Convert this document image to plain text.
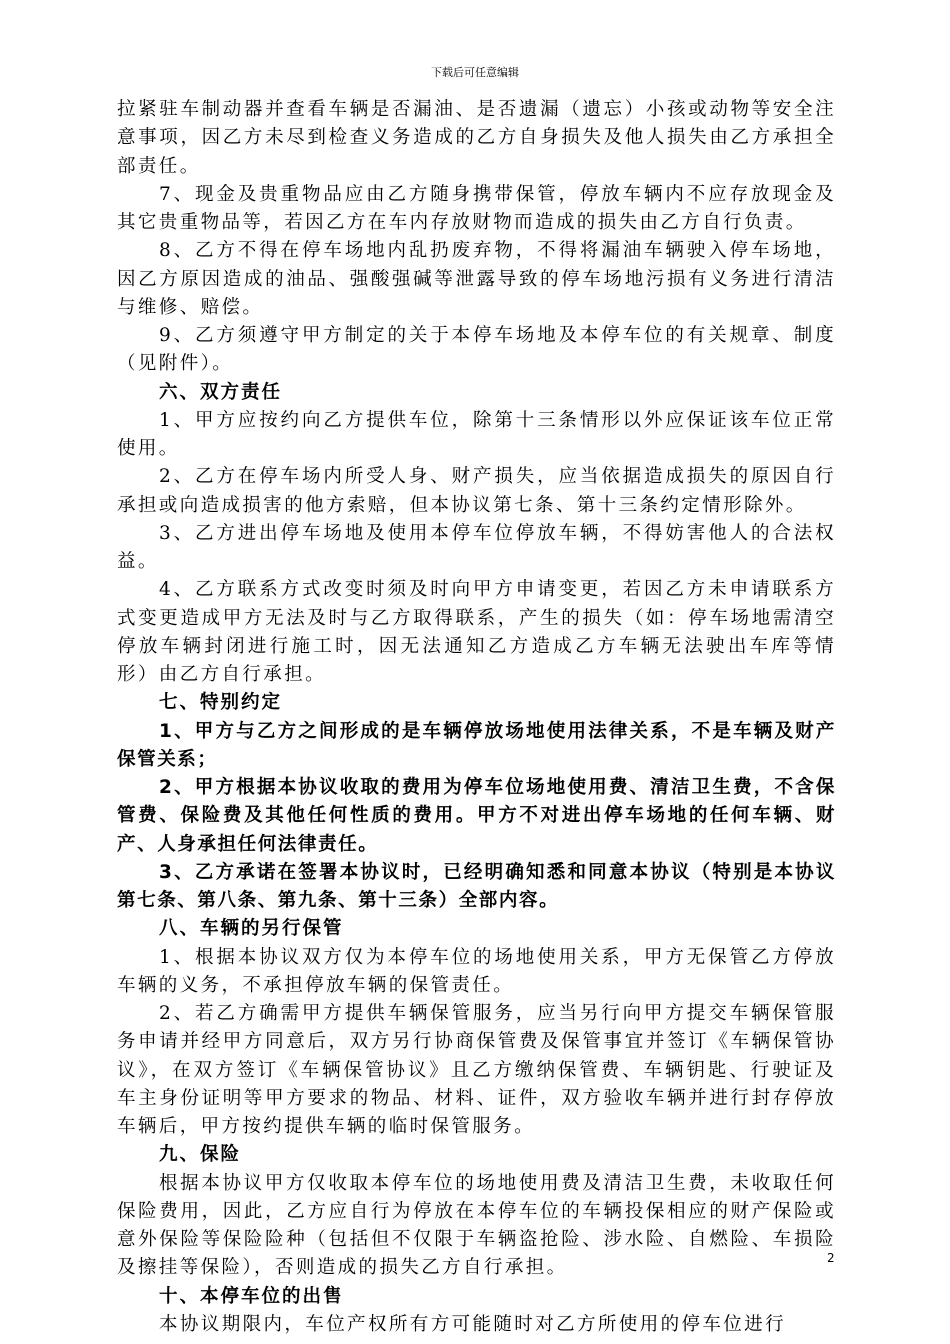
下载后可任意编辑

拉紧驻车制动器并查看车辆是否漏油、是否遗漏（遗忘）小孩或动物等安全注意事项，因乙方未尽到检查义务造成的乙方自身损失及他人损失由乙方承担全部责任。

7、现金及贵重物品应由乙方随身携带保管，停放车辆内不应存放现金及其它贵重物品等，若因乙方在车内存放财物而造成的损失由乙方自行负责。

8、乙方不得在停车场地内乱扔废弃物，不得将漏油车辆驶入停车场地，因乙方原因造成的油品、强酸强碱等泄露导致的停车场地污损有义务进行清洁与维修、赔偿。

9、乙方须遵守甲方制定的关于本停车场地及本停车位的有关规章、制度（见附件）。

六、双方责任

1、甲方应按约向乙方提供车位，除第十三条情形以外应保证该车位正常使用。

2、乙方在停车场内所受人身、财产损失，应当依据造成损失的原因自行承担或向造成损害的他方索赔，但本协议第七条、第十三条约定情形除外。

3、乙方进出停车场地及使用本停车位停放车辆，不得妨害他人的合法权益。

4、乙方联系方式改变时须及时向甲方申请变更，若因乙方未申请联系方式变更造成甲方无法及时与乙方取得联系，产生的损失（如：停车场地需清空停放车辆封闭进行施工时，因无法通知乙方造成乙方车辆无法驶出车库等情形）由乙方自行承担。

七、特别约定

1、甲方与乙方之间形成的是车辆停放场地使用法律关系，不是车辆及财产保管关系；

2、甲方根据本协议收取的费用为停车位场地使用费、清洁卫生费，不含保管费、保险费及其他任何性质的费用。甲方不对进出停车场地的任何车辆、财产、人身承担任何法律责任。

3、乙方承诺在签署本协议时，已经明确知悉和同意本协议（特别是本协议第七条、第八条、第九条、第十三条）全部内容。

八、车辆的另行保管

1、根据本协议双方仅为本停车位的场地使用关系，甲方无保管乙方停放车辆的义务，不承担停放车辆的保管责任。

2、若乙方确需甲方提供车辆保管服务，应当另行向甲方提交车辆保管服务申请并经甲方同意后，双方另行协商保管费及保管事宜并签订《车辆保管协议》，在双方签订《车辆保管协议》且乙方缴纳保管费、车辆钥匙、行驶证及车主身份证明等甲方要求的物品、材料、证件，双方验收车辆并进行封存停放车辆后，甲方按约提供车辆的临时保管服务。

九、保险

根据本协议甲方仅收取本停车位的场地使用费及清洁卫生费，未收取任何保险费用，因此，乙方应自行为停放在本停车位的车辆投保相应的财产保险或意外保险等保险险种（包括但不仅限于车辆盗抢险、涉水险、自燃险、车损险及擦挂等保险），否则造成的损失乙方自行承担。

十、本停车位的出售

本协议期限内，车位产权所有方可能随时对乙方所使用的停车位进行

2
